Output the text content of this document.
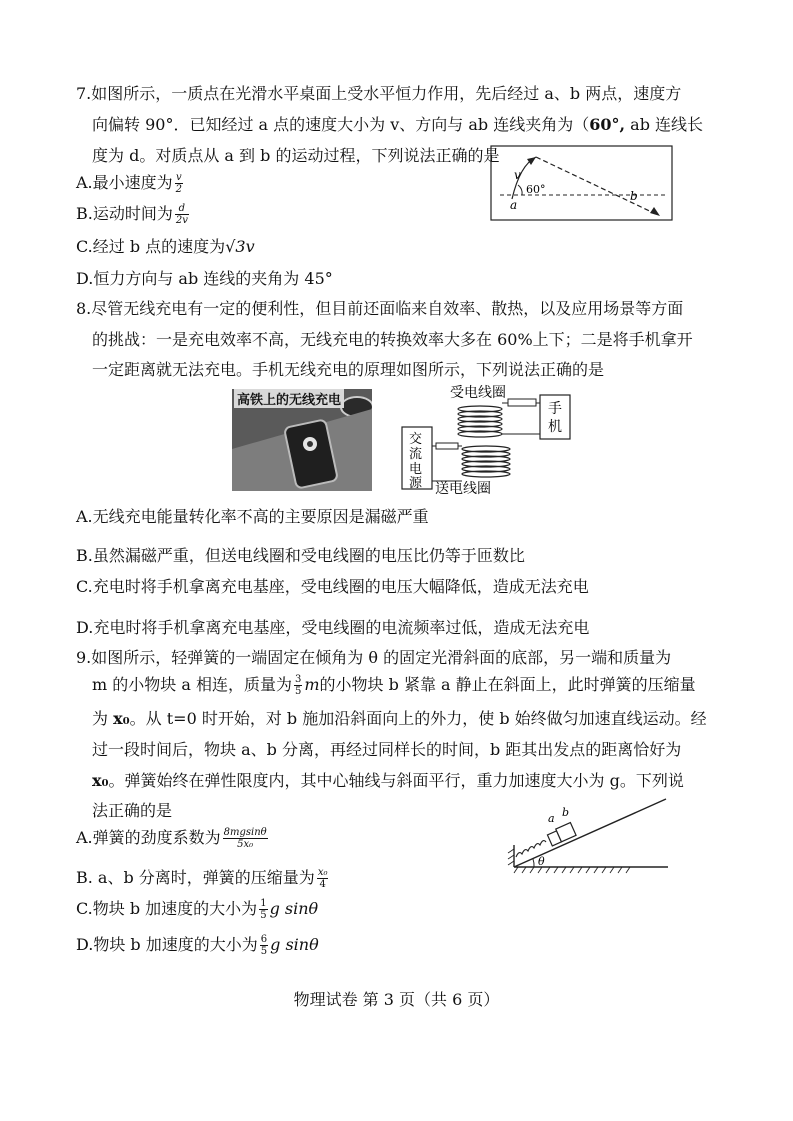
7.如图所示，一质点在光滑水平桌面上受水平恒力作用，先后经过 a、b 两点，速度方
向偏转 90°．已知经过 a 点的速度大小为 v、方向与 ab 连线夹角为（60°, ab 连线长
度为 d。对质点从 a 到 b 的运动过程，下列说法正确的是
A.最小速度为 $\frac{v}{2}$
B.运动时间为 $\frac{d}{2v}$
C.经过 b 点的速度为√3v
D.恒力方向与 ab 连线的夹角为 45°
v
60°
a
b
8.尽管无线充电有一定的便利性，但目前还面临来自效率、散热，以及应用场景等方面
的挑战：一是充电效率不高，无线充电的转换效率大多在 60%上下；二是将手机拿开
一定距离就无法充电。手机无线充电的原理如图所示，下列说法正确的是
高铁上的无线充电	受电线圈
手
机
交
流
电
源 送电线圈
A.无线充电能量转化率不高的主要原因是漏磁严重
B.虽然漏磁严重，但送电线圈和受电线圈的电压比仍等于匝数比
C.充电时将手机拿离充电基座，受电线圈的电压大幅降低，造成无法充电
D.充电时将手机拿离充电基座，受电线圈的电流频率过低，造成无法充电
9.如图所示，轻弹簧的一端固定在倾角为 θ 的固定光滑斜面的底部，另一端和质量为
m 的小物块 a 相连，质量为 $\frac{3}{5}$ m的小物块 b 紧靠 a 静止在斜面上，此时弹簧的压缩量
为 x₀。从 t=0 时开始，对 b 施加沿斜面向上的外力，使 b 始终做匀加速直线运动。经
过一段时间后，物块 a、b 分离，再经过同样长的时间，b 距其出发点的距离恰好为
x₀。弹簧始终在弹性限度内，其中心轴线与斜面平行，重力加速度大小为 g。下列说
法正确的是
A.弹簧的劲度系数为 $\frac{8mgsin\theta}{\text{5x₀}}$
B. a、b 分离时，弹簧的压缩量为 $\frac{\text{x₀}}{4}$
C.物块 b 加速度的大小为 $\frac{1}{5}$ g sinθ
D.物块 b 加速度的大小为 $\frac{6}{5}$ g sinθ
θ
a b
物理试卷 第 3 页（共 6 页）
